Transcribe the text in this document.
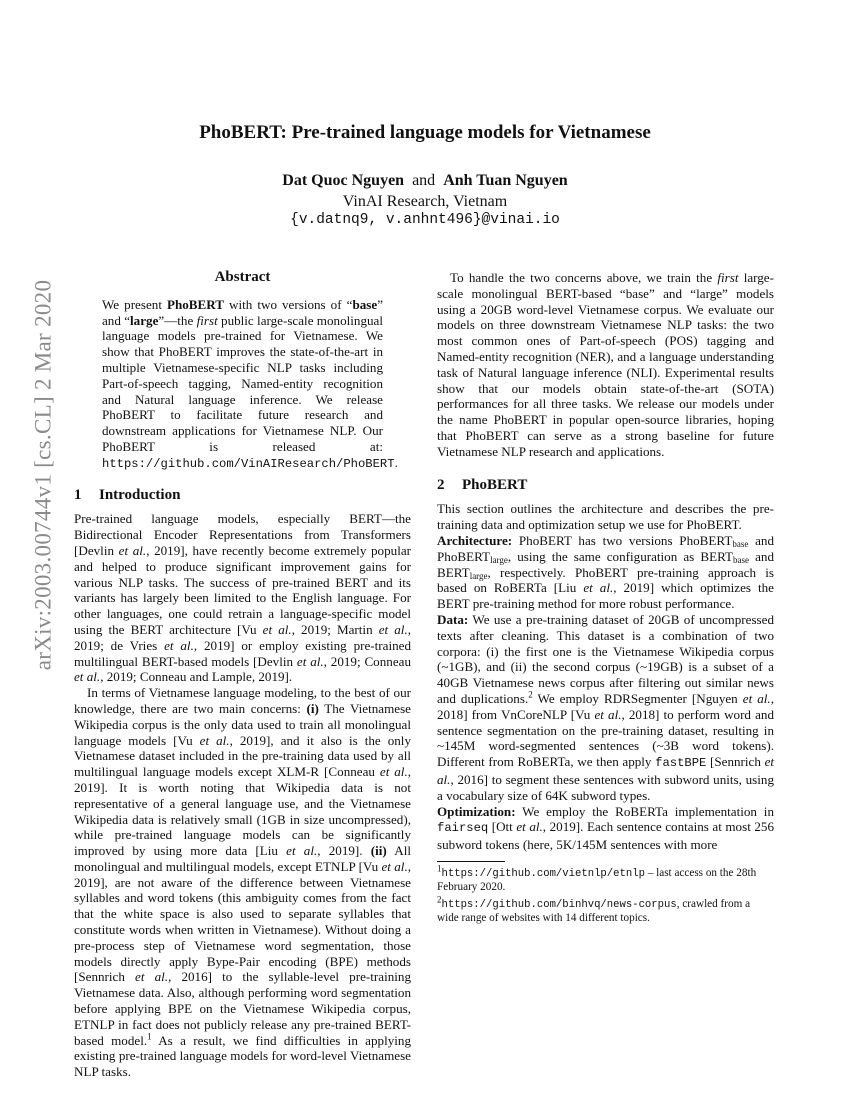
arXiv:2003.00744v1 [cs.CL] 2 Mar 2020
PhoBERT: Pre-trained language models for Vietnamese
Dat Quoc Nguyen and Anh Tuan Nguyen
VinAI Research, Vietnam
{v.datnq9, v.anhnt496}@vinai.io
Abstract
We present PhoBERT with two versions of “base” and “large”—the first public large-scale monolingual language models pre-trained for Vietnamese. We show that PhoBERT improves the state-of-the-art in multiple Vietnamese-specific NLP tasks including Part-of-speech tagging, Named-entity recognition and Natural language inference. We release PhoBERT to facilitate future research and downstream applications for Vietnamese NLP. Our PhoBERT is released at: https://github.com/VinAIResearch/PhoBERT.
1 Introduction

Pre-trained language models, especially BERT—the Bidirectional Encoder Representations from Transformers [Devlin et al., 2019], have recently become extremely popular and helped to produce significant improvement gains for various NLP tasks. The success of pre-trained BERT and its variants has largely been limited to the English language. For other languages, one could retrain a language-specific model using the BERT architecture [Vu et al., 2019; Martin et al., 2019; de Vries et al., 2019] or employ existing pre-trained multilingual BERT-based models [Devlin et al., 2019; Conneau et al., 2019; Conneau and Lample, 2019].

In terms of Vietnamese language modeling, to the best of our knowledge, there are two main concerns: (i) The Vietnamese Wikipedia corpus is the only data used to train all monolingual language models [Vu et al., 2019], and it also is the only Vietnamese dataset included in the pre-training data used by all multilingual language models except XLM-R [Conneau et al., 2019]. It is worth noting that Wikipedia data is not representative of a general language use, and the Vietnamese Wikipedia data is relatively small (1GB in size uncompressed), while pre-trained language models can be significantly improved by using more data [Liu et al., 2019]. (ii) All monolingual and multilingual models, except ETNLP [Vu et al., 2019], are not aware of the difference between Vietnamese syllables and word tokens (this ambiguity comes from the fact that the white space is also used to separate syllables that constitute words when written in Vietnamese). Without doing a pre-process step of Vietnamese word segmentation, those models directly apply Bype-Pair encoding (BPE) methods [Sennrich et al., 2016] to the syllable-level pre-training Vietnamese data. Also, although performing word segmentation before applying BPE on the Vietnamese Wikipedia corpus, ETNLP in fact does not publicly release any pre-trained BERT-based model.$^1$ As a result, we find difficulties in applying existing pre-trained language models for word-level Vietnamese NLP tasks.

To handle the two concerns above, we train the first large-scale monolingual BERT-based “base” and “large” models using a 20GB word-level Vietnamese corpus. We evaluate our models on three downstream Vietnamese NLP tasks: the two most common ones of Part-of-speech (POS) tagging and Named-entity recognition (NER), and a language understanding task of Natural language inference (NLI). Experimental results show that our models obtain state-of-the-art (SOTA) performances for all three tasks. We release our models under the name PhoBERT in popular open-source libraries, hoping that PhoBERT can serve as a strong baseline for future Vietnamese NLP research and applications.

2 PhoBERT

This section outlines the architecture and describes the pre-training data and optimization setup we use for PhoBERT.

Architecture: PhoBERT has two versions PhoBERT$_{base}$ and PhoBERT$_{large}$, using the same configuration as $BERT_{base}$ and $BERT_{large}$, respectively. PhoBERT pre-training approach is based on RoBERTa [Liu et al., 2019] which optimizes the BERT pre-training method for more robust performance.

Data: We use a pre-training dataset of 20GB of uncompressed texts after cleaning. This dataset is a combination of two corpora: (i) the first one is the Vietnamese Wikipedia corpus (~1GB), and (ii) the second corpus (~19GB) is a subset of a 40GB Vietnamese news corpus after filtering out similar news and duplications.$^2$ We employ RDRSegmenter [Nguyen et al., 2018] from VnCoreNLP [Vu et al., 2018] to perform word and sentence segmentation on the pre-training dataset, resulting in ~145M word-segmented sentences (~3B word tokens). Different from RoBERTa, we then apply fastBPE [Sennrich et al., 2016] to segment these sentences with subword units, using a vocabulary size of 64K subword types.

Optimization: We employ the RoBERTa implementation in fairseq [Ott et al., 2019]. Each sentence contains at most 256 subword tokens (here, 5K/145M sentences with more

$^1$https://github.com/vietnlp/etnlp – last access on the 28th February 2020.
$^2$https://github.com/binhvq/news-corpus, crawled from a wide range of websites with 14 different topics.
